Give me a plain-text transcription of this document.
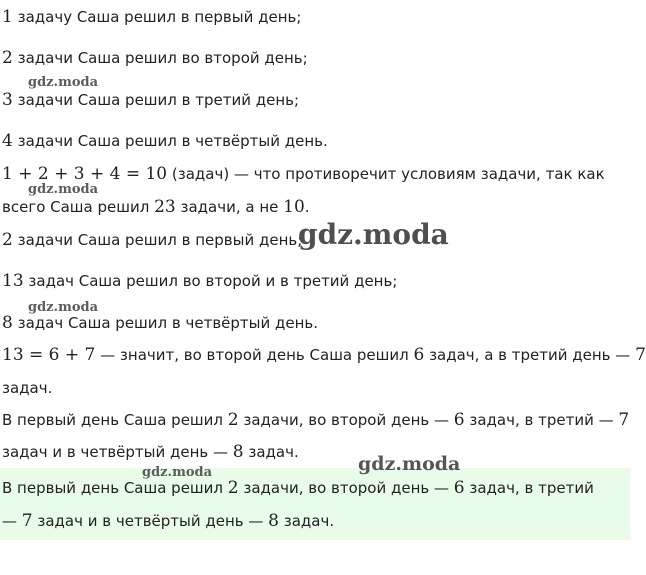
1 задачу Саша решил в первый день;
2 задачи Саша решил во второй день;
3 задачи Саша решил в третий день;
4 задачи Саша решил в четвёртый день.
1 + 2 + 3 + 4 = 10 (задач) — что противоречит условиям задачи, так как
всего Саша решил 23 задачи, а не 10.
2 задачи Саша решил в первый день;
13 задач Саша решил во второй и в третий день;
8 задач Саша решил в четвёртый день.
13 = 6 + 7 — значит, во второй день Саша решил 6 задач, а в третий день — 7
задач.
В первый день Саша решил 2 задачи, во второй день — 6 задач, в третий — 7
задач и в четвёртый день — 8 задач.
В первый день Саша решил 2 задачи, во второй день — 6 задач, в третий
— 7 задач и в четвёртый день — 8 задач.
gdz.moda
gdz.moda
gdz.moda
gdz.moda
gdz.moda
gdz.moda
